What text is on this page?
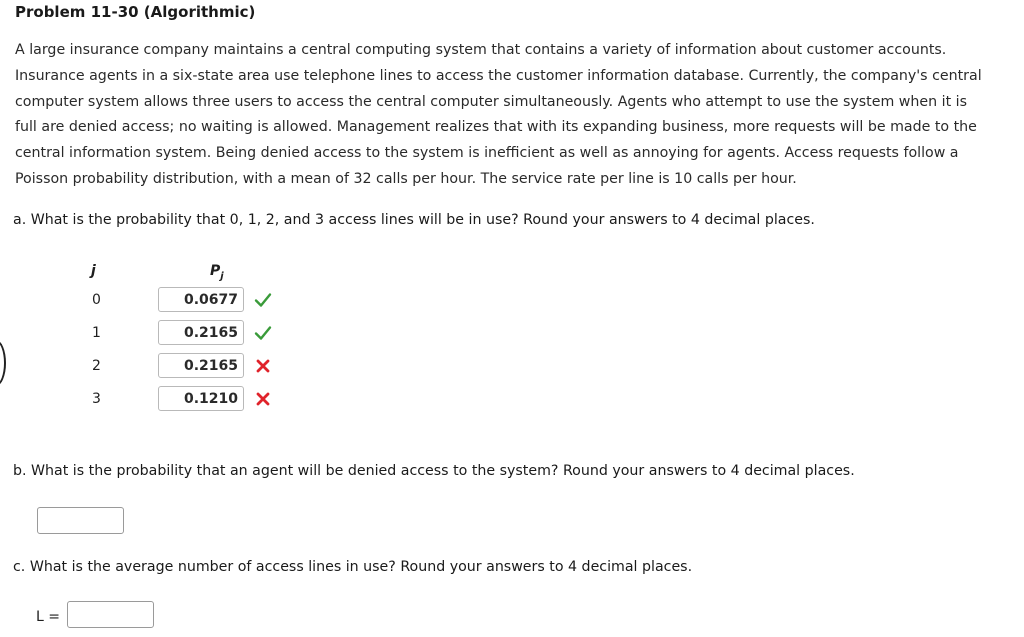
Problem 11-30 (Algorithmic)
A large insurance company maintains a central computing system that contains a variety of information about customer accounts.
Insurance agents in a six-state area use telephone lines to access the customer information database. Currently, the company's central
computer system allows three users to access the central computer simultaneously. Agents who attempt to use the system when it is
full are denied access; no waiting is allowed. Management realizes that with its expanding business, more requests will be made to the
central information system. Being denied access to the system is inefficient as well as annoying for agents. Access requests follow a
Poisson probability distribution, with a mean of 32 calls per hour. The service rate per line is 10 calls per hour.
a. What is the probability that 0, 1, 2, and 3 access lines will be in use? Round your answers to 4 decimal places.
j	$P_j$
0
0.0677
1
0.2165
2
0.2165
3
0.1210
b. What is the probability that an agent will be denied access to the system? Round your answers to 4 decimal places.
c. What is the average number of access lines in use? Round your answers to 4 decimal places.
L =
